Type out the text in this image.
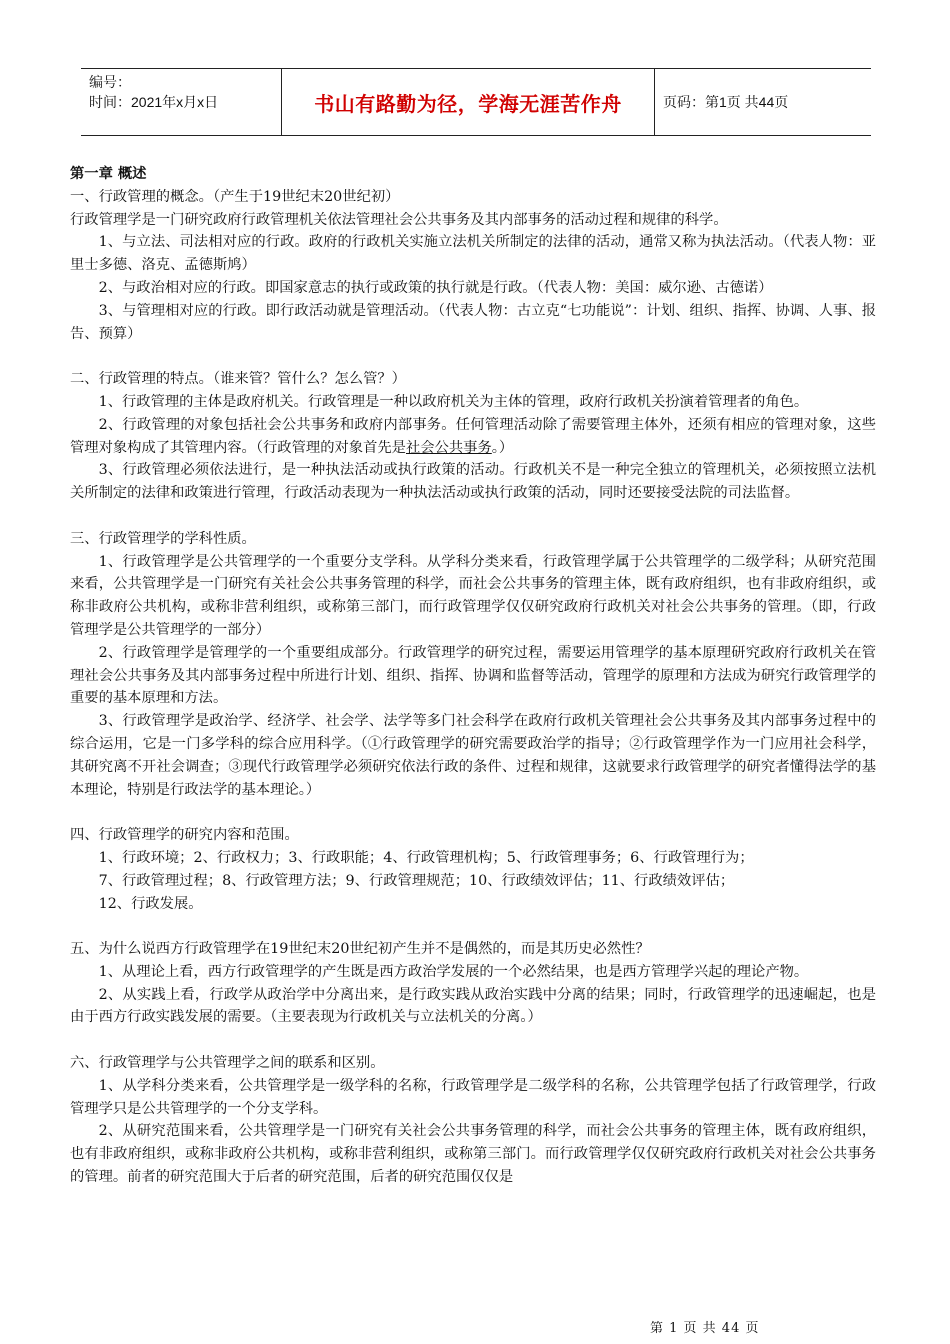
编号：
时间：2021年x月x日	书山有路勤为径，学海无涯苦作舟	页码：第1页 共44页

第一章 概述

一、行政管理的概念。（产生于19世纪末20世纪初）

行政管理学是一门研究政府行政管理机关依法管理社会公共事务及其内部事务的活动过程和规律的科学。

1、与立法、司法相对应的行政。政府的行政机关实施立法机关所制定的法律的活动，通常又称为执法活动。（代表人物：亚里士多德、洛克、孟德斯鸠）

2、与政治相对应的行政。即国家意志的执行或政策的执行就是行政。（代表人物：美国：威尔逊、古德诺）

3、与管理相对应的行政。即行政活动就是管理活动。（代表人物：古立克“七功能说”：计划、组织、指挥、协调、人事、报告、预算）

二、行政管理的特点。（谁来管？管什么？怎么管？）

1、行政管理的主体是政府机关。行政管理是一种以政府机关为主体的管理，政府行政机关扮演着管理者的角色。

2、行政管理的对象包括社会公共事务和政府内部事务。任何管理活动除了需要管理主体外，还须有相应的管理对象，这些管理对象构成了其管理内容。（行政管理的对象首先是社会公共事务。）

3、行政管理必须依法进行，是一种执法活动或执行政策的活动。行政机关不是一种完全独立的管理机关，必须按照立法机关所制定的法律和政策进行管理，行政活动表现为一种执法活动或执行政策的活动，同时还要接受法院的司法监督。

三、行政管理学的学科性质。

1、行政管理学是公共管理学的一个重要分支学科。从学科分类来看，行政管理学属于公共管理学的二级学科；从研究范围来看，公共管理学是一门研究有关社会公共事务管理的科学，而社会公共事务的管理主体，既有政府组织，也有非政府组织，或称非政府公共机构，或称非营利组织，或称第三部门，而行政管理学仅仅研究政府行政机关对社会公共事务的管理。（即，行政管理学是公共管理学的一部分）

2、行政管理学是管理学的一个重要组成部分。行政管理学的研究过程，需要运用管理学的基本原理研究政府行政机关在管理社会公共事务及其内部事务过程中所进行计划、组织、指挥、协调和监督等活动，管理学的原理和方法成为研究行政管理学的重要的基本原理和方法。

3、行政管理学是政治学、经济学、社会学、法学等多门社会科学在政府行政机关管理社会公共事务及其内部事务过程中的综合运用，它是一门多学科的综合应用科学。（①行政管理学的研究需要政治学的指导；②行政管理学作为一门应用社会科学，其研究离不开社会调查；③现代行政管理学必须研究依法行政的条件、过程和规律，这就要求行政管理学的研究者懂得法学的基本理论，特别是行政法学的基本理论。）

四、行政管理学的研究内容和范围。

1、行政环境；2、行政权力；3、行政职能；4、行政管理机构；5、行政管理事务；6、行政管理行为；

7、行政管理过程；8、行政管理方法；9、行政管理规范；10、行政绩效评估；11、行政绩效评估；

12、行政发展。

五、为什么说西方行政管理学在19世纪末20世纪初产生并不是偶然的，而是其历史必然性？

1、从理论上看，西方行政管理学的产生既是西方政治学发展的一个必然结果，也是西方管理学兴起的理论产物。

2、从实践上看，行政学从政治学中分离出来，是行政实践从政治实践中分离的结果；同时，行政管理学的迅速崛起，也是由于西方行政实践发展的需要。（主要表现为行政机关与立法机关的分离。）

六、行政管理学与公共管理学之间的联系和区别。

1、从学科分类来看，公共管理学是一级学科的名称，行政管理学是二级学科的名称，公共管理学包括了行政管理学，行政管理学只是公共管理学的一个分支学科。

2、从研究范围来看，公共管理学是一门研究有关社会公共事务管理的科学，而社会公共事务的管理主体，既有政府组织，也有非政府组织，或称非政府公共机构，或称非营利组织，或称第三部门。而行政管理学仅仅研究政府行政机关对社会公共事务的管理。前者的研究范围大于后者的研究范围，后者的研究范围仅仅是

第 1 页 共 44 页
